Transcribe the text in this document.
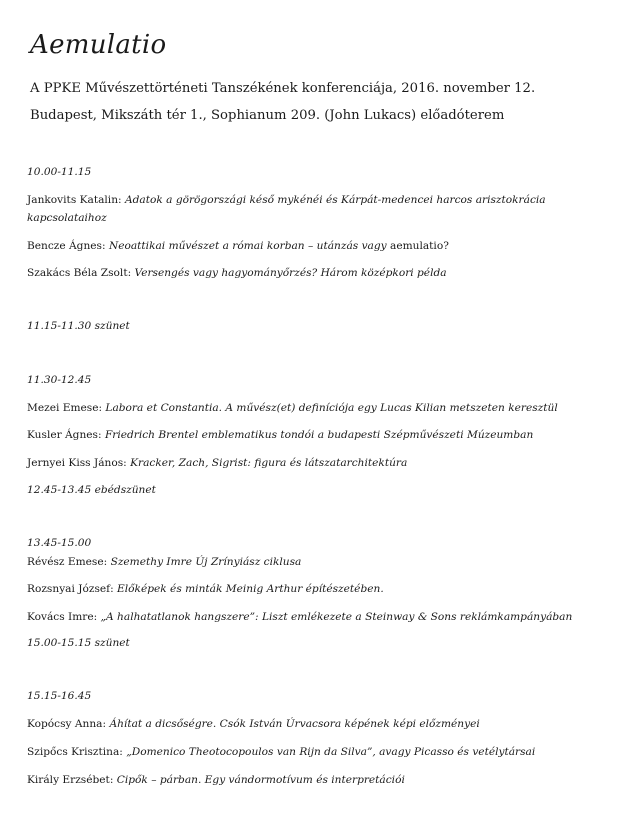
Aemulatio
A PPKE Művészettörténeti Tanszékének konferenciája, 2016. november 12.
Budapest, Mikszáth tér 1., Sophianum 209. (John Lukacs) előadóterem
10.00-11.15
Jankovits Katalin: Adatok a görögországi késő mykénéi és Kárpát-medencei harcos arisztokrácia kapcsolataihoz
Bencze Ágnes: Neoattikai művészet a római korban – utánzás vagy aemulatio?
Szakács Béla Zsolt: Versengés vagy hagyományőrzés? Három középkori példa
11.15-11.30 szünet
11.30-12.45
Mezei Emese: Labora et Constantia. A művész(et) definíciója egy Lucas Kilian metszeten keresztül
Kusler Ágnes: Friedrich Brentel emblematikus tondói a budapesti Szépművészeti Múzeumban
Jernyei Kiss János: Kracker, Zach, Sigrist: figura és látszatarchitektúra
12.45-13.45 ebédszünet
13.45-15.00
Révész Emese: Szemethy Imre Új Zrínyiász ciklusa
Rozsnyai József: Előképek és minták Meinig Arthur építészetében.
Kovács Imre: „A halhatatlanok hangszere”: Liszt emlékezete a Steinway & Sons reklámkampányában
15.00-15.15 szünet
15.15-16.45
Kopócsy Anna: Áhítat a dicsőségre. Csók István Úrvacsora képének képi előzményei
Szipőcs Krisztina: „Domenico Theotocopoulos van Rijn da Silva”, avagy Picasso és vetélytársai
Király Erzsébet: Cipők – párban. Egy vándormotívum és interpretációi
